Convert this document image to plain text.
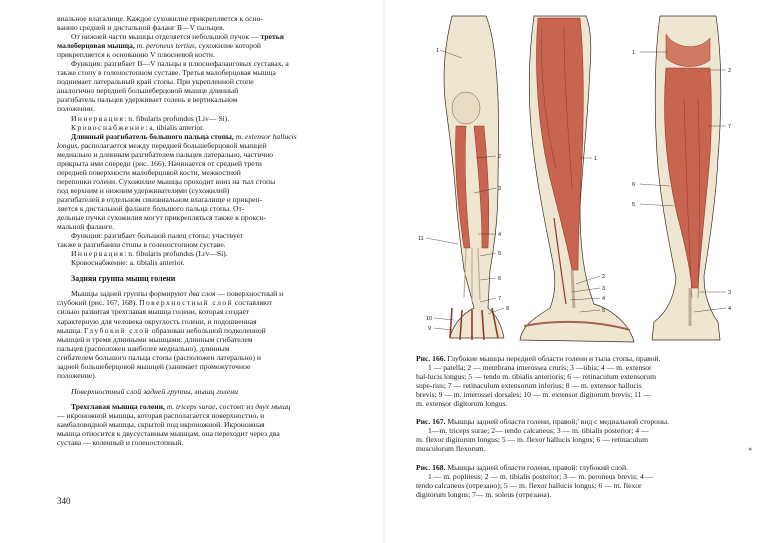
виальное влагалище. Каждое сухожилие прикрепляется к осно-

ванию средней и дистальной фаланг II—V пальцев.

От нижней части мышцы отделяется небольшой пучок — третья

малоберцовая мышца, m. peroneus tertius, сухожилие которой

прикрепляется к основанию V плюсневой кости.

Функция: разгибает II—V пальцы в плюснефаланговых суставах, а

также стопу в голеностопном суставе. Третья малоберцовая мышца

поднимает латеральный край стопы. При укрепленной стопе

аналогично передней большеберцовой мышце длинный

разгибатель пальцев удерживает голень в вертикальном

положении.

Иннервация: n. fibularis profundus (Liv— Si).

Кровоснабжение: a. tibialis anterior.

Длинный разгибатель большого пальца стопы, m. extensor hallucis

longus, располагается между передней большеберцовой мышцей

медиально и длинным разгибателем пальцев латерально, частично

прикрыта ими спереди (рис. 166). Начинается от средней трети

передней поверхности малоберцовой кости, межкостной

перепонки голени. Сухожилие мышцы проходит вниз на тыл стопы

под верхним и нижним удерживателями (сухожилий)

разгибателей в отдельном синовиальном влагалище и прикреп-

ляется к дистальной фаланге большого пальца стопы. От-

дельные пучки сухожилия могут прикрепляться также к прокси-

мальной фаланге.

Функция: разгибает большой палец стопы; участвует

также в разгибании стопы в голеностопном суставе.

Иннервация: n. fibularis profundus (Lrv—Si).

Кровоснабжение: a. tibialis anterior.

Задняя группа мышц голени

Мышцы задней группы формируют два слоя — поверхностный и

глубокий (рис. 167, 168). Поверхностный слой составляют

сильно развитая трехглавая мышца голени, которая создает

характерную для человека округлость голени, и подошвенная

мышца. Глубокий слой образован небольшой подколенной

мышцей и тремя длинными мышцами: длинным сгибателем

пальцев (расположен наиболее медиально), длинным

сгибателем большого пальца стопы (расположен латерально) и

задней большеберцовой мышцей (занимает промежуточное

положение).

Поверхностный слой задней группы, мышц голени

Трехглавая мышца голени, m. triceps surae, состоит из двух мышц

— икроножной мышцы, которая располагается поверхностно, и

камбаловидной мышцы, скрытой под икроножной. Икроножная

мышца относится к двусуставным мышцам, она переходит через два

сустава — коленный и голеностопный,

340
1
2
3
4
5
6
7
8
9
10
11
1
2
3
4
5
1
6
5
4
3
7
2

Рис. 166. Глубокие мышцы передней области голени и тыла стопы, правой.

1 — patella; 2 — membrana interossea cruris; 3 —tibia; 4 — m. extensor

hal-lucis longus; 5 — tendo m. tibialis anterioris; 6 — retinaculum extensorum

supe-rius; 7 — retinaculum extensorum inferius; 8 — m. extensor hallucis

brevis; 9 — m. interossei dorsales; 10 — m. extensor digitorum brevis; 11 —

m. extensor digitorum longus.

Рис. 167. Мышцы задней области голени, правой;' вид с медиальной стороны.

1—m. triceps surae; 2— tendo calcaneus; 3 — m. tibialis posterior; 4 —

m. flexor digitorum longus; 5 — m. flexor hallucis longus; 6 — retinaculum

musculorum flexorum.	»

Рис. 168. Мышцы задней области голени, правой: глубокий слой.

1 — m. popliteus; 2 — m. tibialis posterior; 3 — m. peroneus brevis; 4 —

tendo calcaneus (отрезано); 5 — m. flexor hallucis longus; 6 — m. flexor

digitorum longus; 7— m. soleus (отрезана).
